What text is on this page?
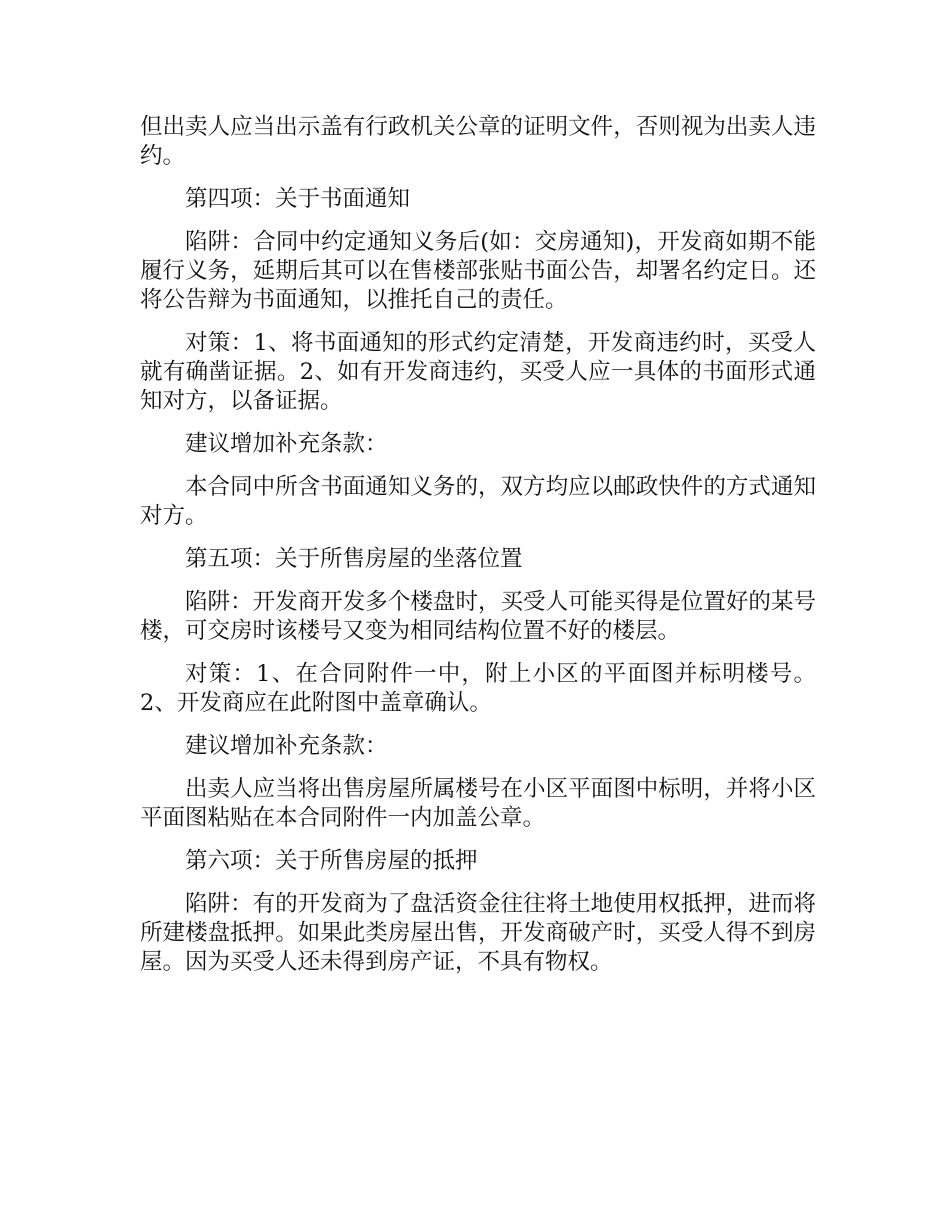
但出卖人应当出示盖有行政机关公章的证明文件，否则视为出卖人违约。

第四项：关于书面通知

陷阱：合同中约定通知义务后(如：交房通知)，开发商如期不能履行义务，延期后其可以在售楼部张贴书面公告，却署名约定日。还将公告辩为书面通知，以推托自己的责任。

对策：1、将书面通知的形式约定清楚，开发商违约时，买受人就有确凿证据。2、如有开发商违约，买受人应一具体的书面形式通知对方，以备证据。

建议增加补充条款：

本合同中所含书面通知义务的，双方均应以邮政快件的方式通知对方。

第五项：关于所售房屋的坐落位置

陷阱：开发商开发多个楼盘时，买受人可能买得是位置好的某号楼，可交房时该楼号又变为相同结构位置不好的楼层。

对策：1、在合同附件一中，附上小区的平面图并标明楼号。2、开发商应在此附图中盖章确认。

建议增加补充条款：

出卖人应当将出售房屋所属楼号在小区平面图中标明，并将小区平面图粘贴在本合同附件一内加盖公章。

第六项：关于所售房屋的抵押

陷阱：有的开发商为了盘活资金往往将土地使用权抵押，进而将所建楼盘抵押。如果此类房屋出售，开发商破产时，买受人得不到房屋。因为买受人还未得到房产证，不具有物权。
